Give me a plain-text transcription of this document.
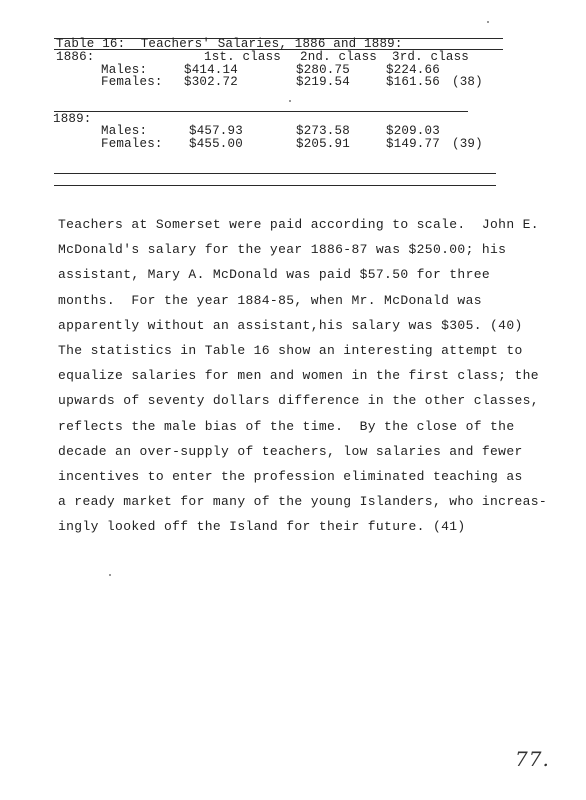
Table 16:  Teachers' Salaries, 1886 and 1889:
1886:	1st. class 2nd. class 3rd. class
Males:	$414.14	$280.75	$224.66
Females: $302.72	$219.54	$161.56 (38)
1889:
Males:	$457.93	$273.58	$209.03
Females: $455.00	$205.91	$149.77 (39)
Teachers at Somerset were paid according to scale.  John E.
McDonald's salary for the year 1886-87 was $250.00; his
assistant, Mary A. McDonald was paid $57.50 for three
months.  For the year 1884-85, when Mr. McDonald was
apparently without an assistant,his salary was $305. (40)
The statistics in Table 16 show an interesting attempt to
equalize salaries for men and women in the first class; the
upwards of seventy dollars difference in the other classes,
reflects the male bias of the time.  By the close of the
decade an over-supply of teachers, low salaries and fewer
incentives to enter the profession eliminated teaching as
a ready market for many of the young Islanders, who increas-
ingly looked off the Island for their future. (41)
77.
